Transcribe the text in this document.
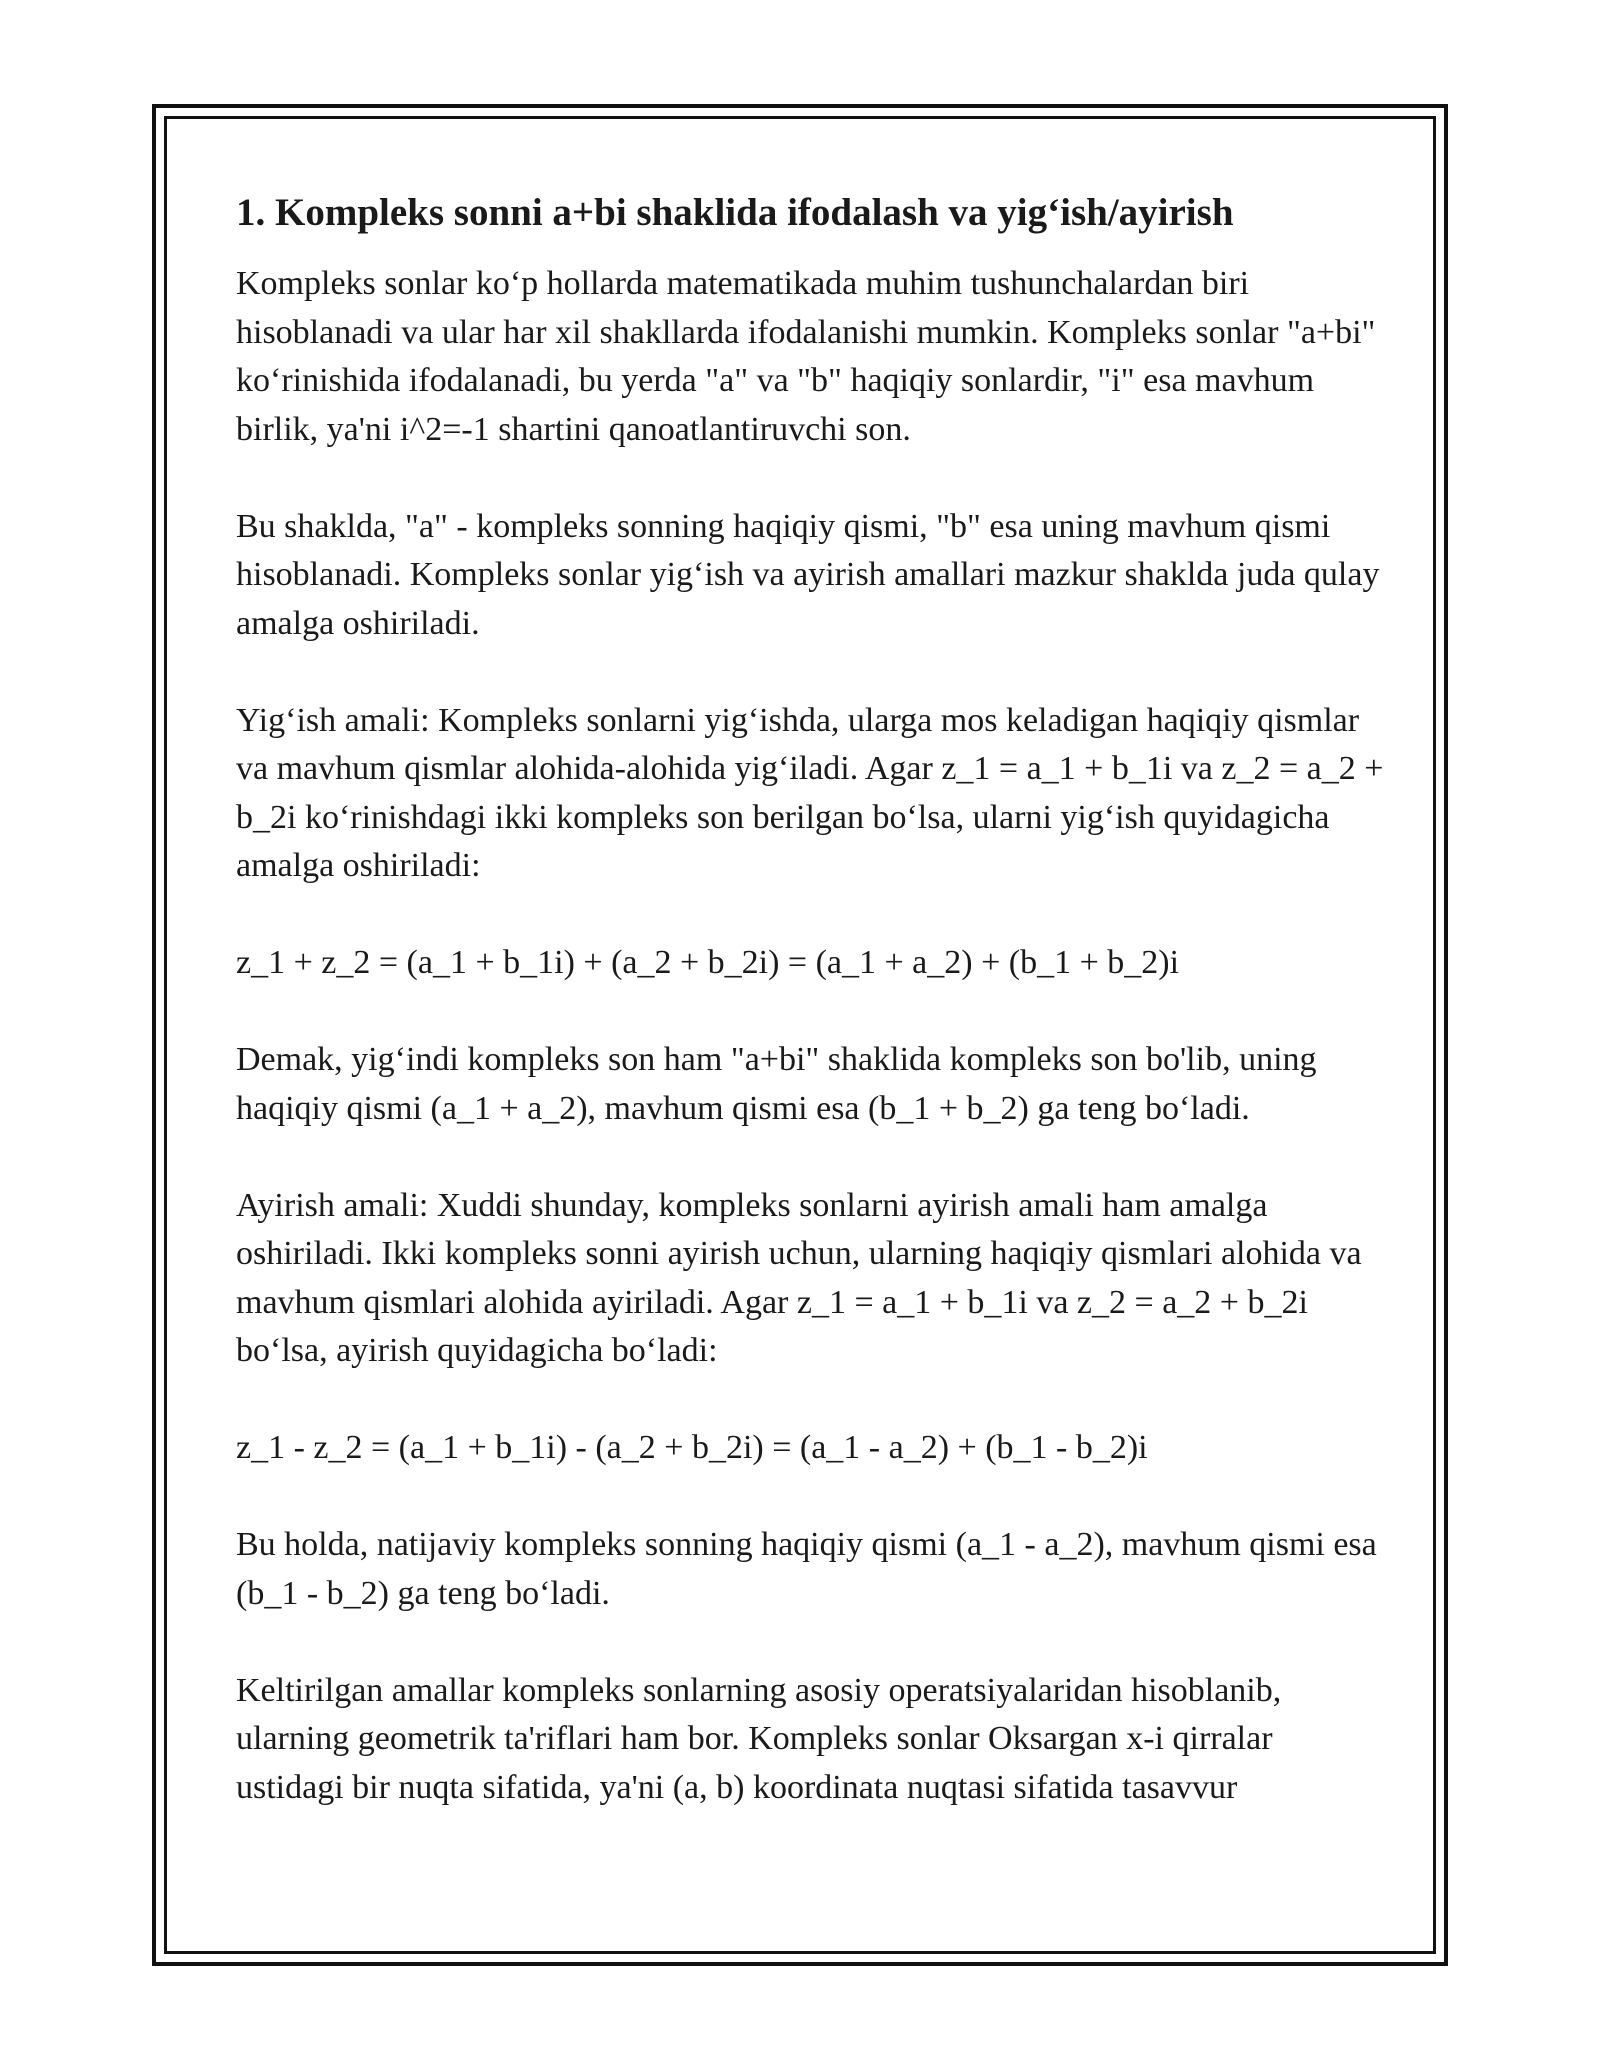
1. Kompleks sonni a+bi shaklida ifodalash va yig‘ish/ayirish

Kompleks sonlar ko‘p hollarda matematikada muhim tushunchalardan biri hisoblanadi va ular har xil shakllarda ifodalanishi mumkin. Kompleks sonlar "a+bi" ko‘rinishida ifodalanadi, bu yerda "a" va "b" haqiqiy sonlardir, "i" esa mavhum birlik, ya'ni i^2=-1 shartini qanoatlantiruvchi son.

Bu shaklda, "a" - kompleks sonning haqiqiy qismi, "b" esa uning mavhum qismi hisoblanadi. Kompleks sonlar yig‘ish va ayirish amallari mazkur shaklda juda qulay amalga oshiriladi.

Yig‘ish amali: Kompleks sonlarni yig‘ishda, ularga mos keladigan haqiqiy qismlar va mavhum qismlar alohida-alohida yig‘iladi. Agar z_1 = a_1 + b_1i va z_2 = a_2 + b_2i ko‘rinishdagi ikki kompleks son berilgan bo‘lsa, ularni yig‘ish quyidagicha amalga oshiriladi:

z_1 + z_2 = (a_1 + b_1i) + (a_2 + b_2i) = (a_1 + a_2) + (b_1 + b_2)i

Demak, yig‘indi kompleks son ham "a+bi" shaklida kompleks son bo'lib, uning haqiqiy qismi (a_1 + a_2), mavhum qismi esa (b_1 + b_2) ga teng bo‘ladi.

Ayirish amali: Xuddi shunday, kompleks sonlarni ayirish amali ham amalga oshiriladi. Ikki kompleks sonni ayirish uchun, ularning haqiqiy qismlari alohida va mavhum qismlari alohida ayiriladi. Agar z_1 = a_1 + b_1i va z_2 = a_2 + b_2i bo‘lsa, ayirish quyidagicha bo‘ladi:

z_1 - z_2 = (a_1 + b_1i) - (a_2 + b_2i) = (a_1 - a_2) + (b_1 - b_2)i

Bu holda, natijaviy kompleks sonning haqiqiy qismi (a_1 - a_2), mavhum qismi esa (b_1 - b_2) ga teng bo‘ladi.

Keltirilgan amallar kompleks sonlarning asosiy operatsiyalaridan hisoblanib, ularning geometrik ta'riflari ham bor. Kompleks sonlar Oksargan x-i qirralar ustidagi bir nuqta sifatida, ya'ni (a, b) koordinata nuqtasi sifatida tasavvur
